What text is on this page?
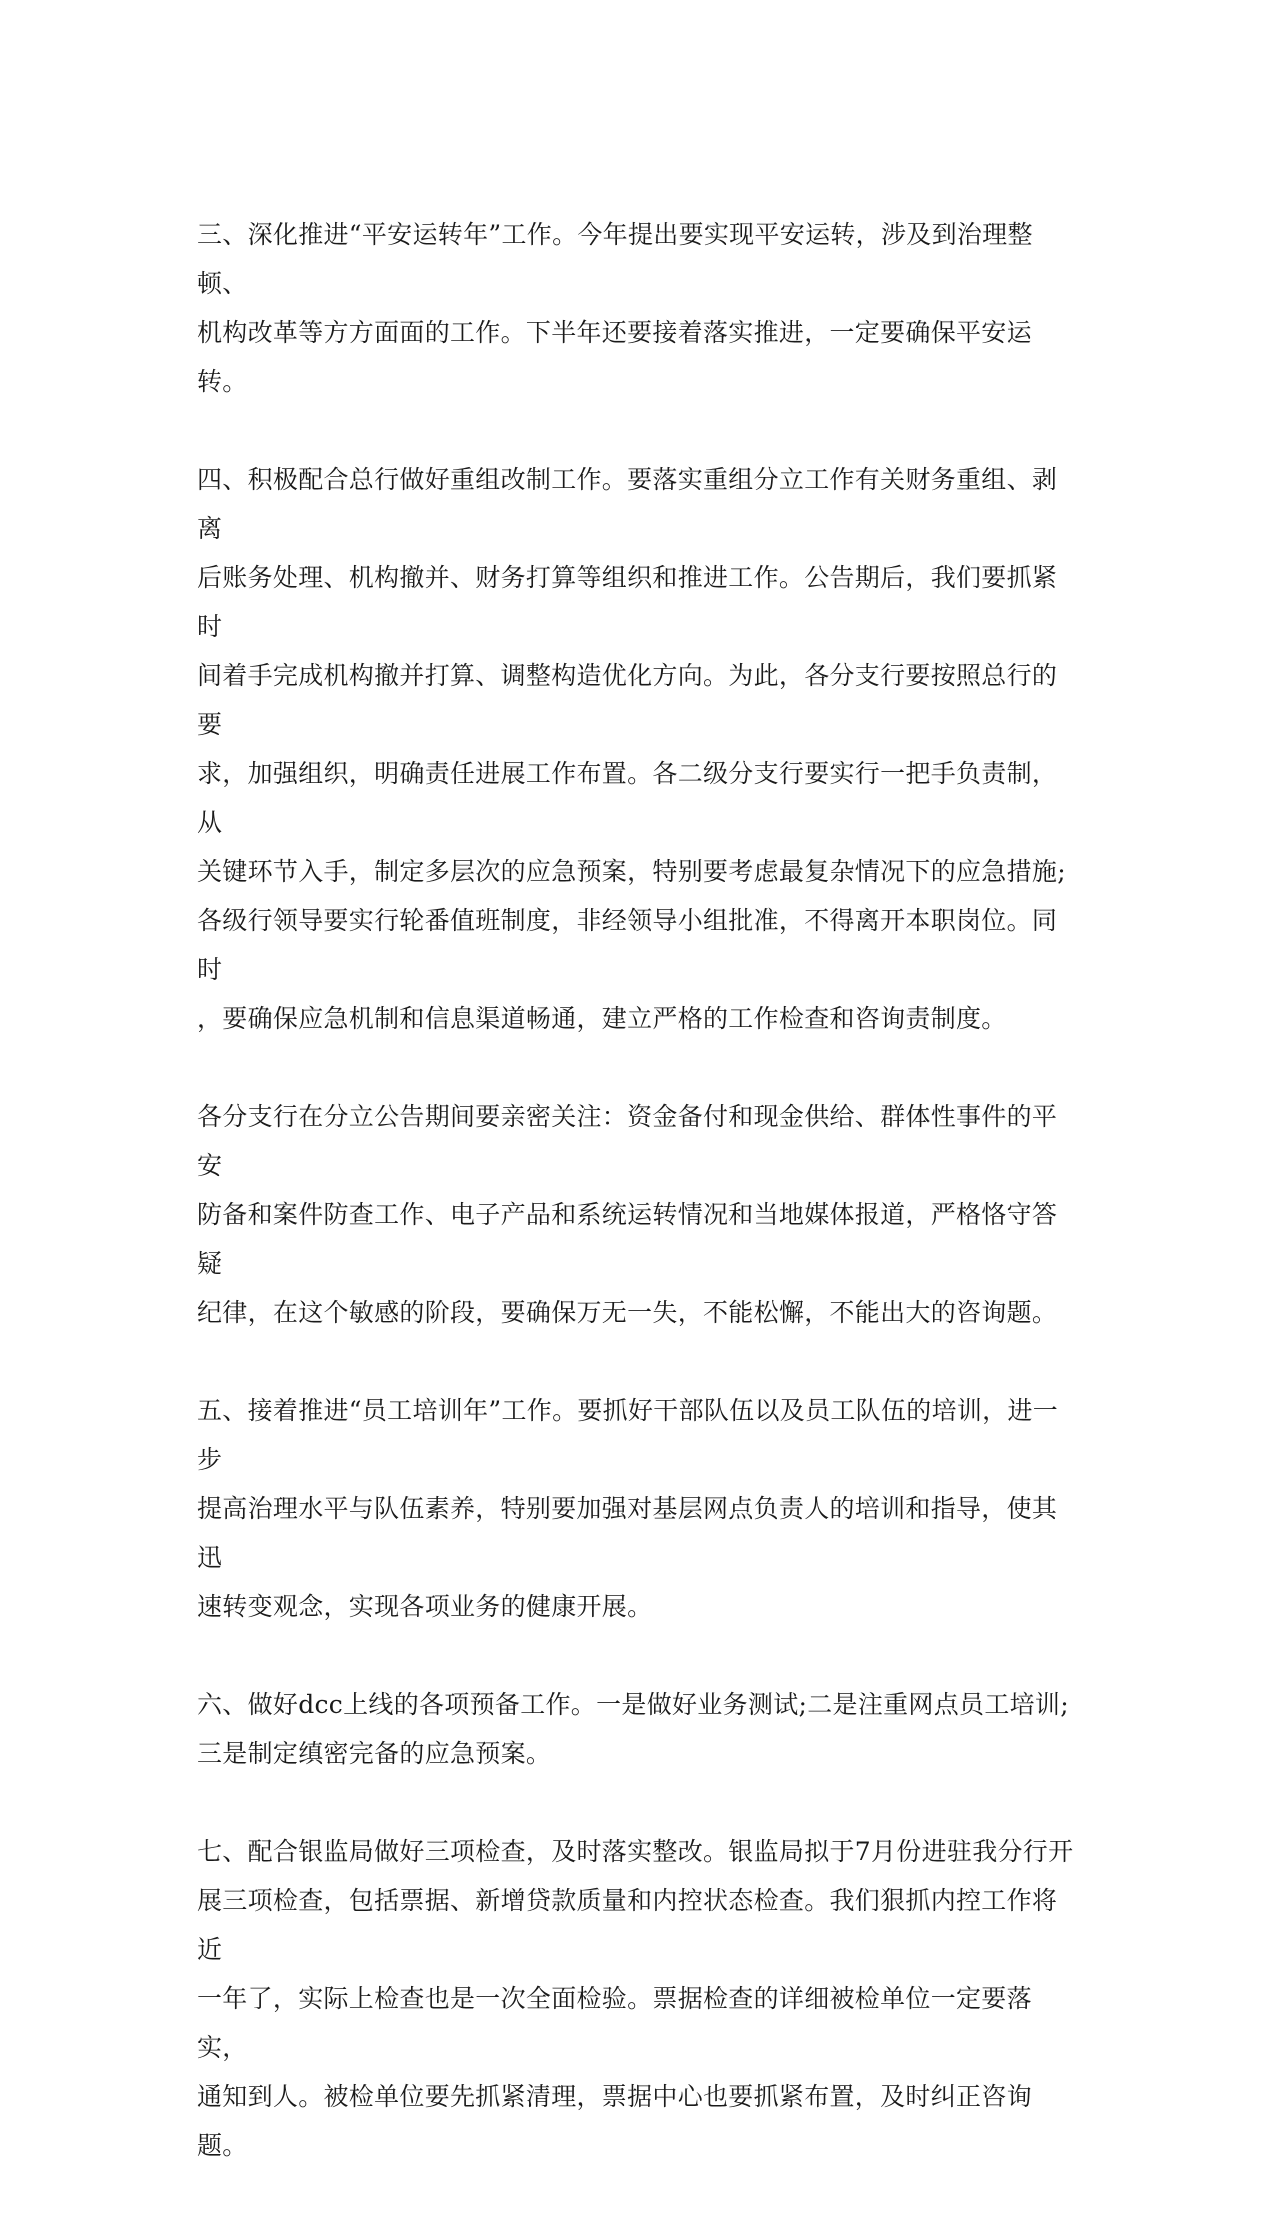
三、深化推进“平安运转年”工作。今年提出要实现平安运转，涉及到治理整顿、
机构改革等方方面面的工作。下半年还要接着落实推进，一定要确保平安运转。

四、积极配合总行做好重组改制工作。要落实重组分立工作有关财务重组、剥离
后账务处理、机构撤并、财务打算等组织和推进工作。公告期后，我们要抓紧时
间着手完成机构撤并打算、调整构造优化方向。为此，各分支行要按照总行的要
求，加强组织，明确责任进展工作布置。各二级分支行要实行一把手负责制，从
关键环节入手，制定多层次的应急预案，特别要考虑最复杂情况下的应急措施;
各级行领导要实行轮番值班制度，非经领导小组批准，不得离开本职岗位。同时
，要确保应急机制和信息渠道畅通，建立严格的工作检查和咨询责制度。

各分支行在分立公告期间要亲密关注：资金备付和现金供给、群体性事件的平安
防备和案件防查工作、电子产品和系统运转情况和当地媒体报道，严格恪守答疑
纪律，在这个敏感的阶段，要确保万无一失，不能松懈，不能出大的咨询题。

五、接着推进“员工培训年”工作。要抓好干部队伍以及员工队伍的培训，进一步
提高治理水平与队伍素养，特别要加强对基层网点负责人的培训和指导，使其迅
速转变观念，实现各项业务的健康开展。

六、做好dcc上线的各项预备工作。一是做好业务测试;二是注重网点员工培训;
三是制定缜密完备的应急预案。

七、配合银监局做好三项检查，及时落实整改。银监局拟于7月份进驻我分行开
展三项检查，包括票据、新增贷款质量和内控状态检查。我们狠抓内控工作将近
一年了，实际上检查也是一次全面检验。票据检查的详细被检单位一定要落实，
通知到人。被检单位要先抓紧清理，票据中心也要抓紧布置，及时纠正咨询题。
